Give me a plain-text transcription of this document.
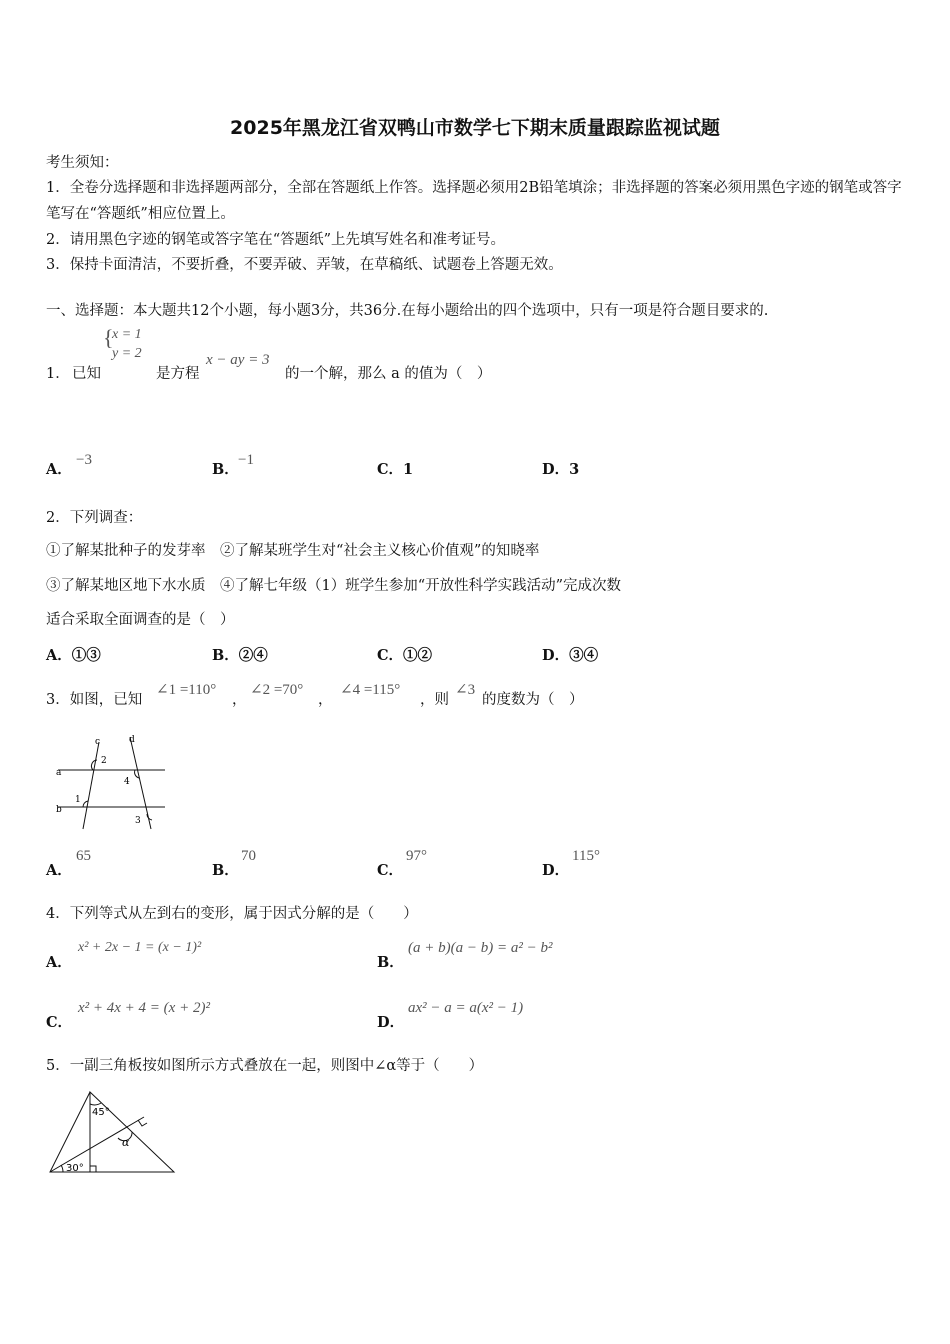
2025年黑龙江省双鸭山市数学七下期末质量跟踪监视试题
考生须知：
1．全卷分选择题和非选择题两部分，全部在答题纸上作答。选择题必须用2B铅笔填涂；非选择题的答案必须用黑色字迹的钢笔或答字笔写在“答题纸”相应位置上。
2．请用黑色字迹的钢笔或答字笔在“答题纸”上先填写姓名和准考证号。
3．保持卡面清洁，不要折叠，不要弄破、弄皱，在草稿纸、试题卷上答题无效。
一、选择题：本大题共12个小题，每小题3分，共36分.在每小题给出的四个选项中，只有一项是符合题目要求的.
1． 已知
{
x = 1
y = 2
是方程
x − ay = 3
的一个解，那么 a 的值为（　）
A．
−3
B．
−1
C．1	D．3
2．下列调查：
①了解某批种子的发芽率　②了解某班学生对“社会主义核心价值观”的知晓率
③了解某地区地下水水质　④了解七年级（1）班学生参加“开放性科学实践活动”完成次数
适合采取全面调查的是（　）
A．①③	B．②④	C．①②	D．③④
3．如图，已知
∠1 =110°
，
∠2 =70°
，
∠4 =115°
，则
∠3
的度数为（　）
a
b
c	d
2
1
4
3
A．
65
B．
70
C．
97°
D．
115°
4．下列等式从左到右的变形，属于因式分解的是（　　）
A．
x² + 2x − 1 = (x − 1)²
B．
(a + b)(a − b) = a² − b²
C．
x² + 4x + 4 = (x + 2)²
D．
ax² − a = a(x² − 1)
5．一副三角板按如图所示方式叠放在一起，则图中∠α等于（　　）
45°
30°
α
